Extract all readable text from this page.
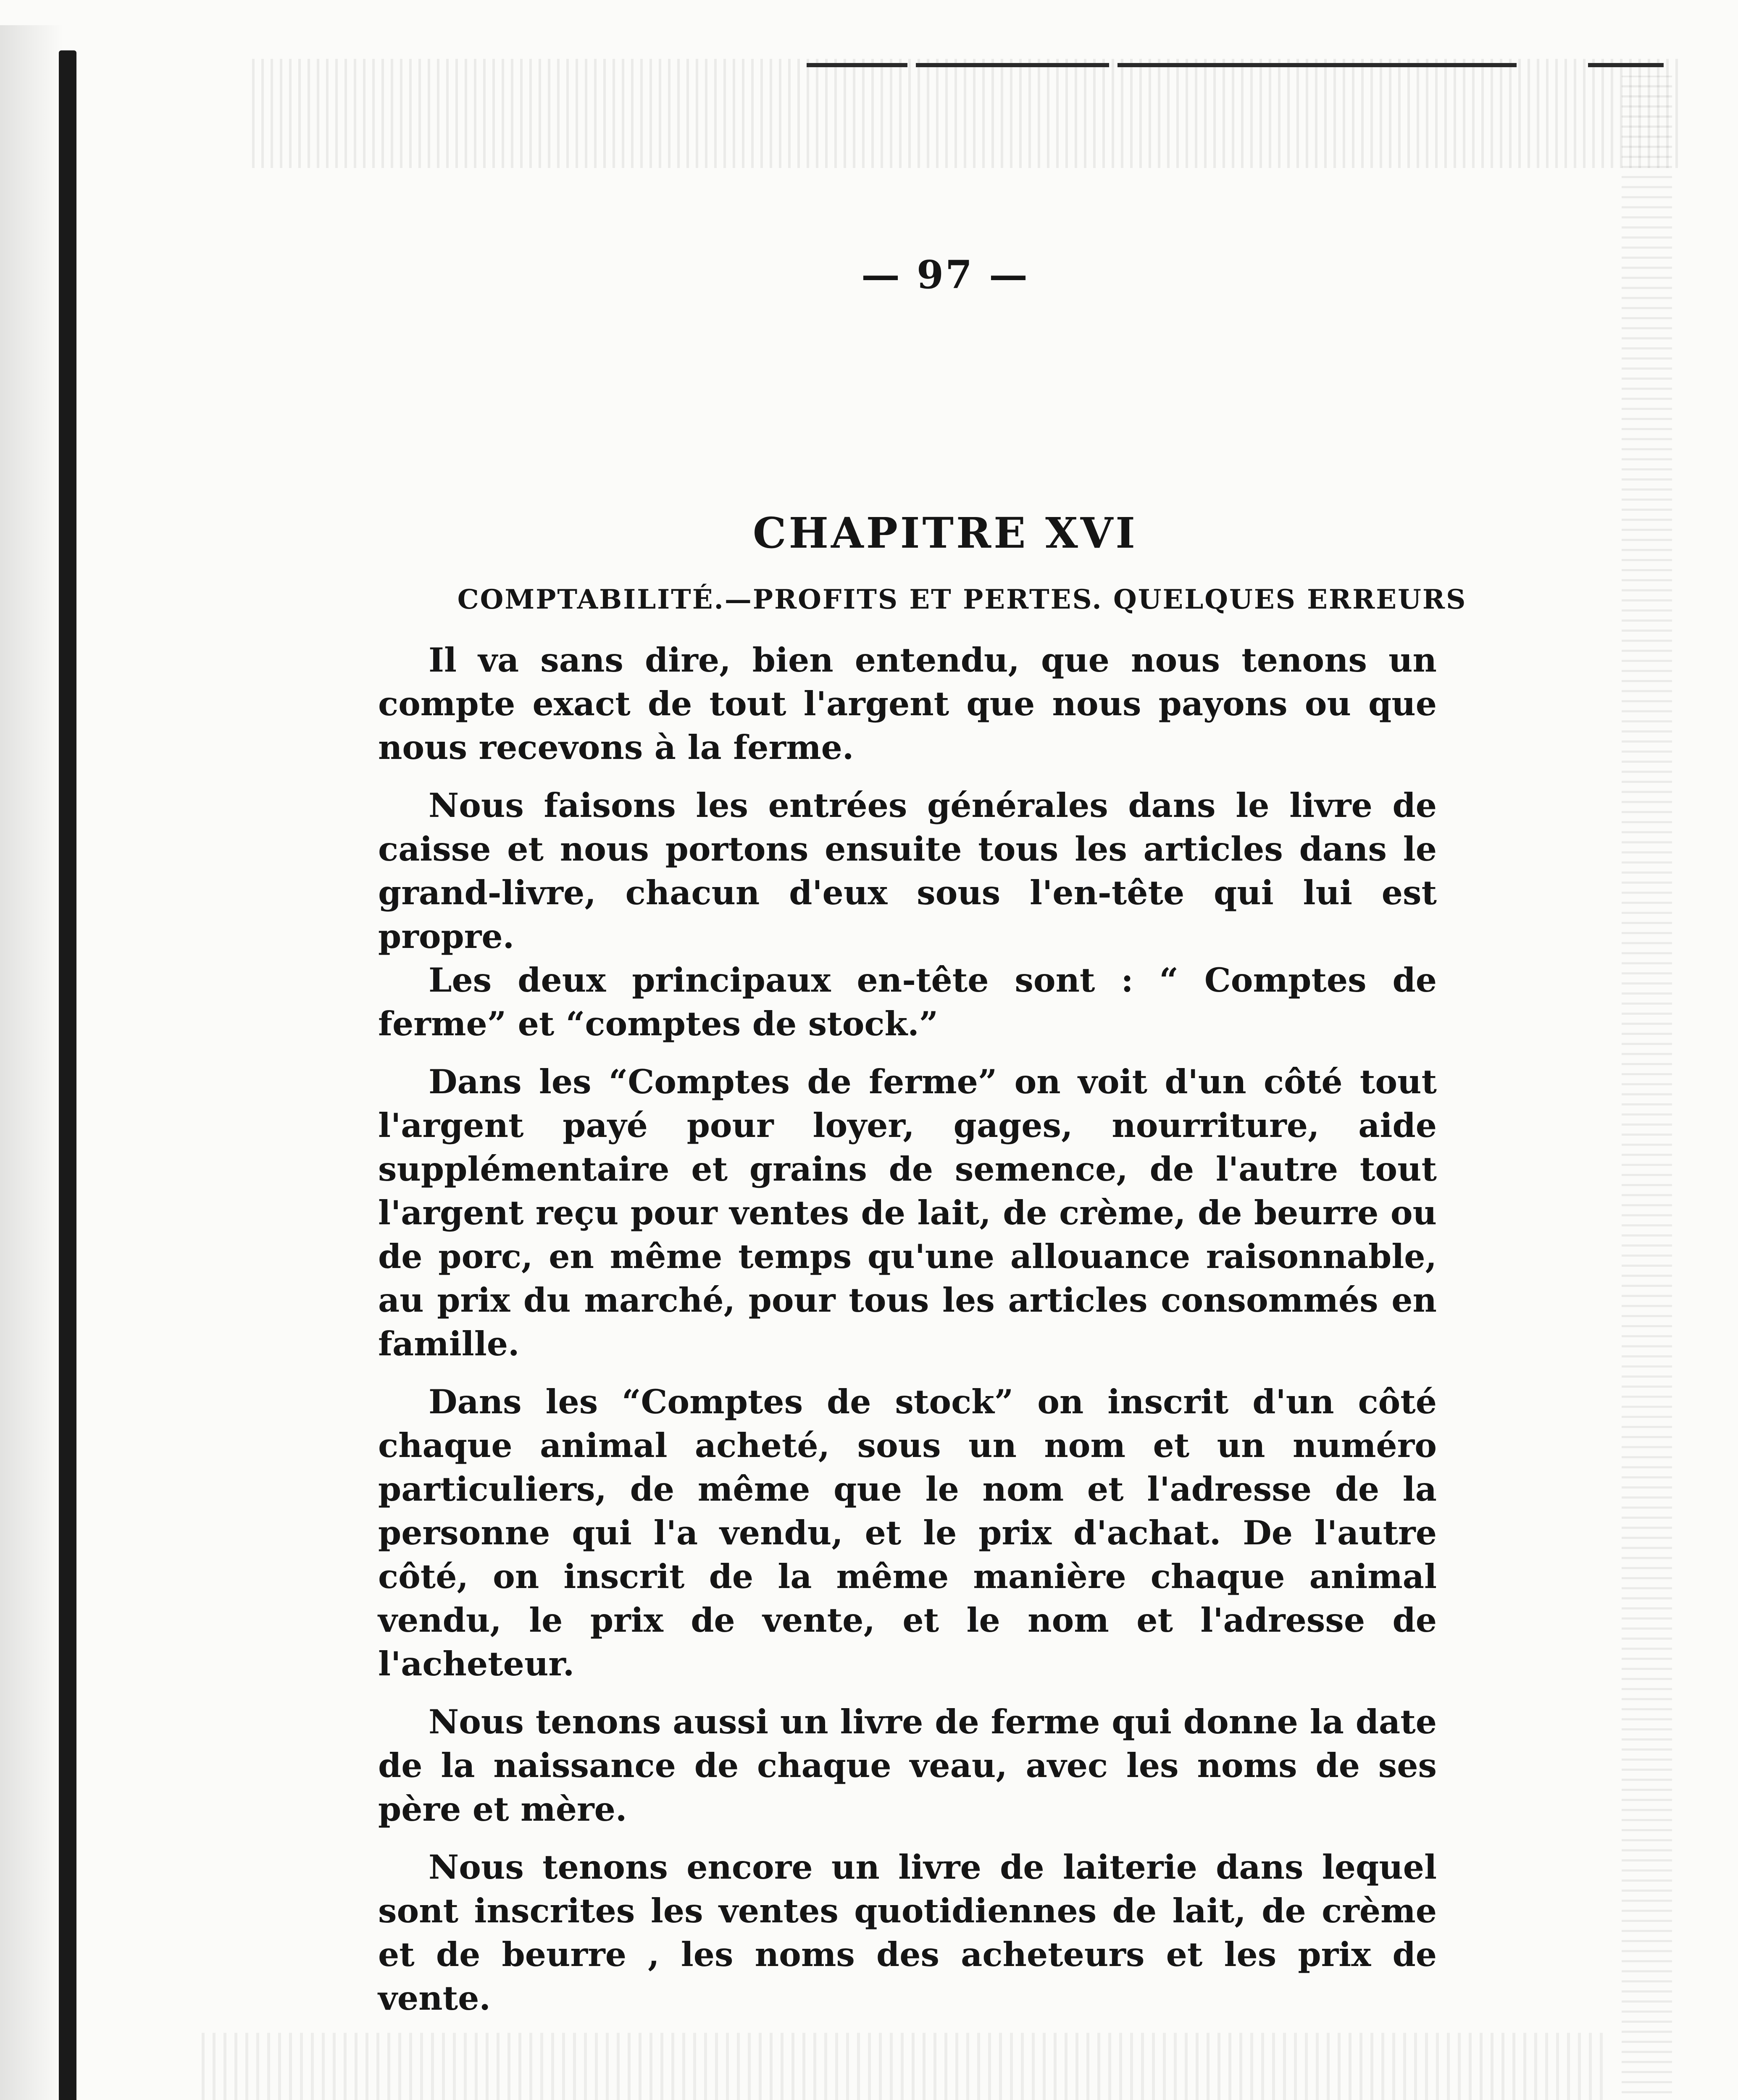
— 97 —
CHAPITRE XVI
COMPTABILITÉ.—PROFITS ET PERTES. QUELQUES ERREURS

Il va sans dire, bien entendu, que nous tenons un compte exact de tout l'argent que nous payons ou que nous recevons à la ferme.

Nous faisons les entrées générales dans le livre de caisse et nous portons ensuite tous les articles dans le grand-livre, chacun d'eux sous l'en-tête qui lui est propre.

Les deux principaux en-tête sont : “ Comptes de ferme” et “comptes de stock.”

Dans les “Comptes de ferme” on voit d'un côté tout l'argent payé pour loyer, gages, nourriture, aide supplémentaire et grains de semence, de l'autre tout l'argent reçu pour ventes de lait, de crème, de beurre ou de porc, en même temps qu'une allouance raisonnable, au prix du marché, pour tous les articles consommés en famille.

Dans les “Comptes de stock” on inscrit d'un côté chaque animal acheté, sous un nom et un numéro particuliers, de même que le nom et l'adresse de la personne qui l'a vendu, et le prix d'achat. De l'autre côté, on inscrit de la même manière chaque animal vendu, le prix de vente, et le nom et l'adresse de l'acheteur.

Nous tenons aussi un livre de ferme qui donne la date de la naissance de chaque veau, avec les noms de ses père et mère.

Nous tenons encore un livre de laiterie dans lequel sont inscrites les ventes quotidiennes de lait, de crème et de beurre , les noms des acheteurs et les prix de vente.
